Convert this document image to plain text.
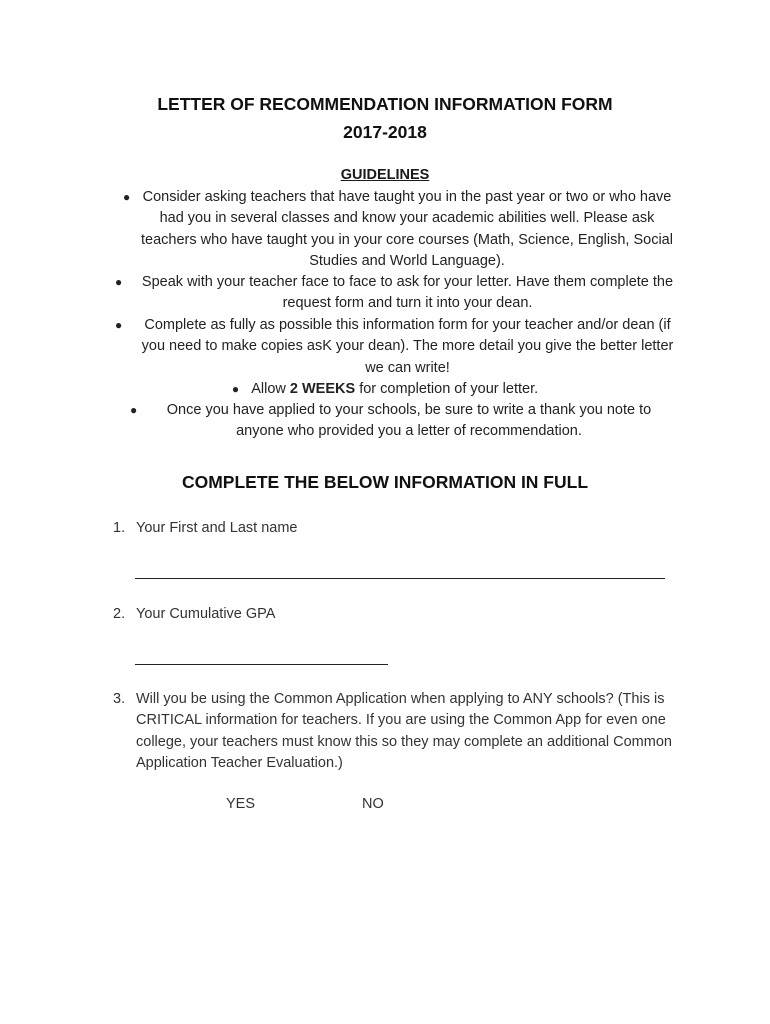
LETTER OF RECOMMENDATION INFORMATION FORM
2017-2018
GUIDELINES
● Consider asking teachers that have taught you in the past year or two or who have had you in several classes and know your academic abilities well. Please ask teachers who have taught you in your core courses (Math, Science, English, Social Studies and World Language).
● Speak with your teacher face to face to ask for your letter. Have them complete the request form and turn it into your dean.
● Complete as fully as possible this information form for your teacher and/or dean (if you need to make copies asK your dean). The more detail you give the better letter we can write!
● Allow 2 WEEKS for completion of your letter.
● Once you have applied to your schools, be sure to write a thank you note to anyone who provided you a letter of recommendation.
COMPLETE THE BELOW INFORMATION IN FULL
1. Your First and Last name
2. Your Cumulative GPA
3. Will you be using the Common Application when applying to ANY schools? (This is CRITICAL information for teachers. If you are using the Common App for even one college, your teachers must know this so they may complete an additional Common Application Teacher Evaluation.)
YES	NO
